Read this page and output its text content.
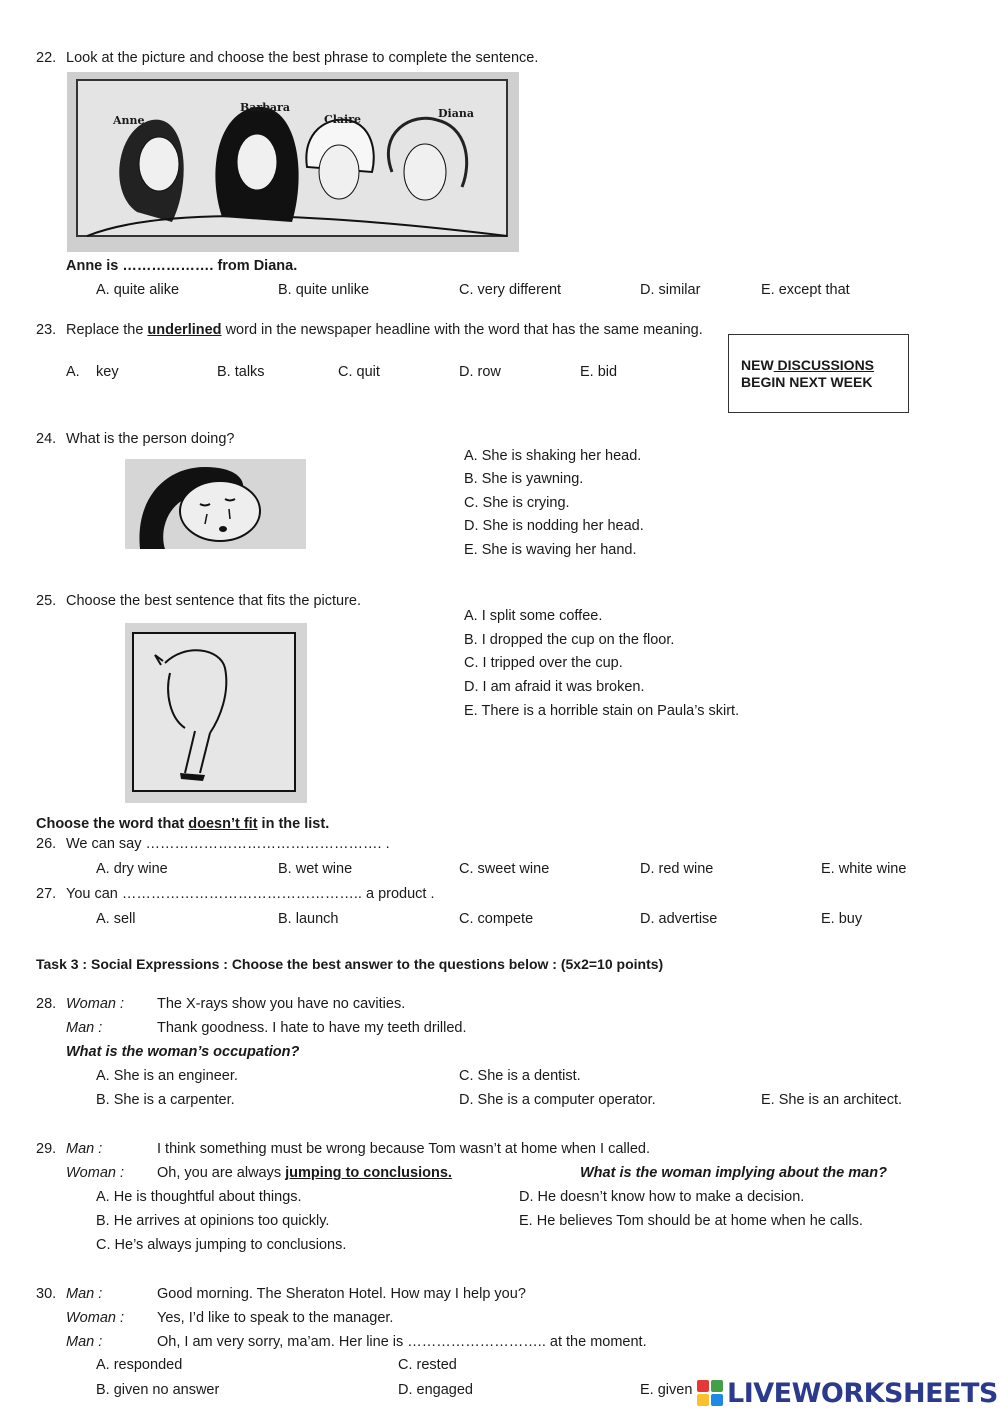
22. Look at the picture and choose the best phrase to complete the sentence.
Anne
Barbara
Claire	Diana
Anne is ………………. from Diana.
A. quite alike	B. quite unlike	C. very different	D. similar	E. except that
23. Replace the underlined word in the newspaper headline with the word that has the same meaning.
A. key	B. talks	C. quit	D. row	E. bid	NEW DISCUSSIONS
BEGIN NEXT WEEK
24. What is the person doing?
A. She is shaking her head.
B. She is yawning.
C. She is crying.
D. She is nodding her head.
E. She is waving her hand.
25. Choose the best sentence that fits the picture.
A. I split some coffee.
B. I dropped the cup on the floor.
C. I tripped over the cup.
D. I am afraid it was broken.
E. There is a horrible stain on Paula’s skirt.
Choose the word that doesn’t fit in the list.
26. We can say …………………………………………. .
A. dry wine	B. wet wine	C. sweet wine	D. red wine	E. white wine
27. You can ………………………………………….. a product .
A. sell	B. launch	C. compete	D. advertise	E. buy
Task 3 : Social Expressions : Choose the best answer to the questions below : (5x2=10 points)
28. Woman : The X-rays show you have no cavities.
Man :	Thank goodness. I hate to have my teeth drilled.
What is the woman’s occupation?
A. She is an engineer.	C. She is a dentist.
B. She is a carpenter.	D. She is a computer operator.	E. She is an architect.
29. Man :	I think something must be wrong because Tom wasn’t at home when I called.
Woman : Oh, you are always jumping to conclusions.	What is the woman implying about the man?
A. He is thoughtful about things.	D. He doesn’t know how to make a decision.
B. He arrives at opinions too quickly.	E. He believes Tom should be at home when he calls.
C. He’s always jumping to conclusions.
30. Man :	Good morning. The Sheraton Hotel. How may I help you?
Woman : Yes, I’d like to speak to the manager.
Man :	Oh, I am very sorry, ma’am. Her line is ……………………….. at the moment.
A. responded	C. rested
B. given no answer	D. engaged	E. given LIVEWORKSHEETS
